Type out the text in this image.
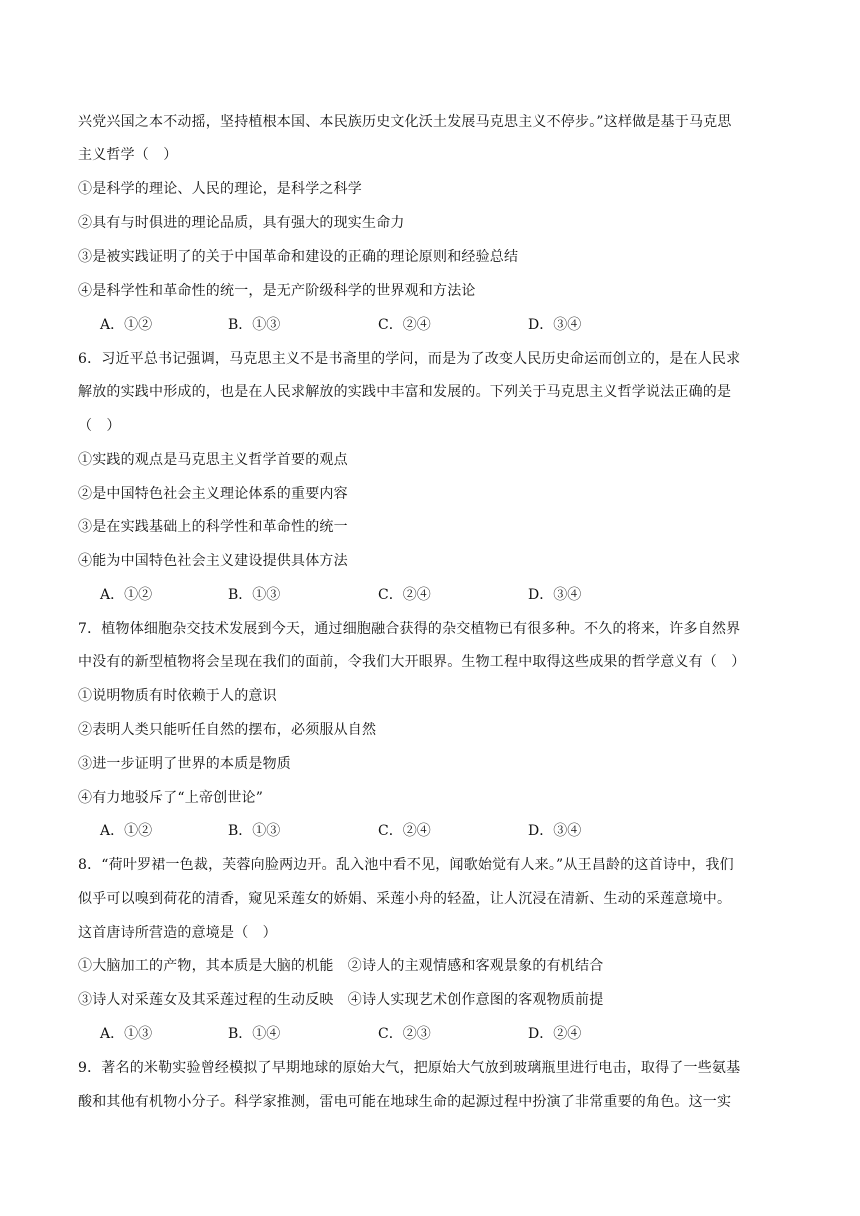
兴党兴国之本不动摇，坚持植根本国、本民族历史文化沃土发展马克思主义不停步。”这样做是基于马克思
主义哲学（　）
①是科学的理论、人民的理论，是科学之科学
②具有与时俱进的理论品质，具有强大的现实生命力
③是被实践证明了的关于中国革命和建设的正确的理论原则和经验总结
④是科学性和革命性的统一，是无产阶级科学的世界观和方法论
A．①②	B．①③	C．②④	D．③④
6．习近平总书记强调，马克思主义不是书斋里的学问，而是为了改变人民历史命运而创立的，是在人民求
解放的实践中形成的，也是在人民求解放的实践中丰富和发展的。下列关于马克思主义哲学说法正确的是
（　）
①实践的观点是马克思主义哲学首要的观点
②是中国特色社会主义理论体系的重要内容
③是在实践基础上的科学性和革命性的统一
④能为中国特色社会主义建设提供具体方法
A．①②	B．①③	C．②④	D．③④
7．植物体细胞杂交技术发展到今天，通过细胞融合获得的杂交植物已有很多种。不久的将来，许多自然界
中没有的新型植物将会呈现在我们的面前，令我们大开眼界。生物工程中取得这些成果的哲学意义有（　）
①说明物质有时依赖于人的意识
②表明人类只能听任自然的摆布，必须服从自然
③进一步证明了世界的本质是物质
④有力地驳斥了“上帝创世论”
A．①②	B．①③	C．②④	D．③④
8．“荷叶罗裙一色裁，芙蓉向脸两边开。乱入池中看不见，闻歌始觉有人来。”从王昌龄的这首诗中，我们
似乎可以嗅到荷花的清香，窥见采莲女的娇娟、采莲小舟的轻盈，让人沉浸在清新、生动的采莲意境中。
这首唐诗所营造的意境是（　）
①大脑加工的产物，其本质是大脑的机能　②诗人的主观情感和客观景象的有机结合
③诗人对采莲女及其采莲过程的生动反映　④诗人实现艺术创作意图的客观物质前提
A．①③	B．①④	C．②③	D．②④
9．著名的米勒实验曾经模拟了早期地球的原始大气，把原始大气放到玻璃瓶里进行电击，取得了一些氨基
酸和其他有机物小分子。科学家推测，雷电可能在地球生命的起源过程中扮演了非常重要的角色。这一实
